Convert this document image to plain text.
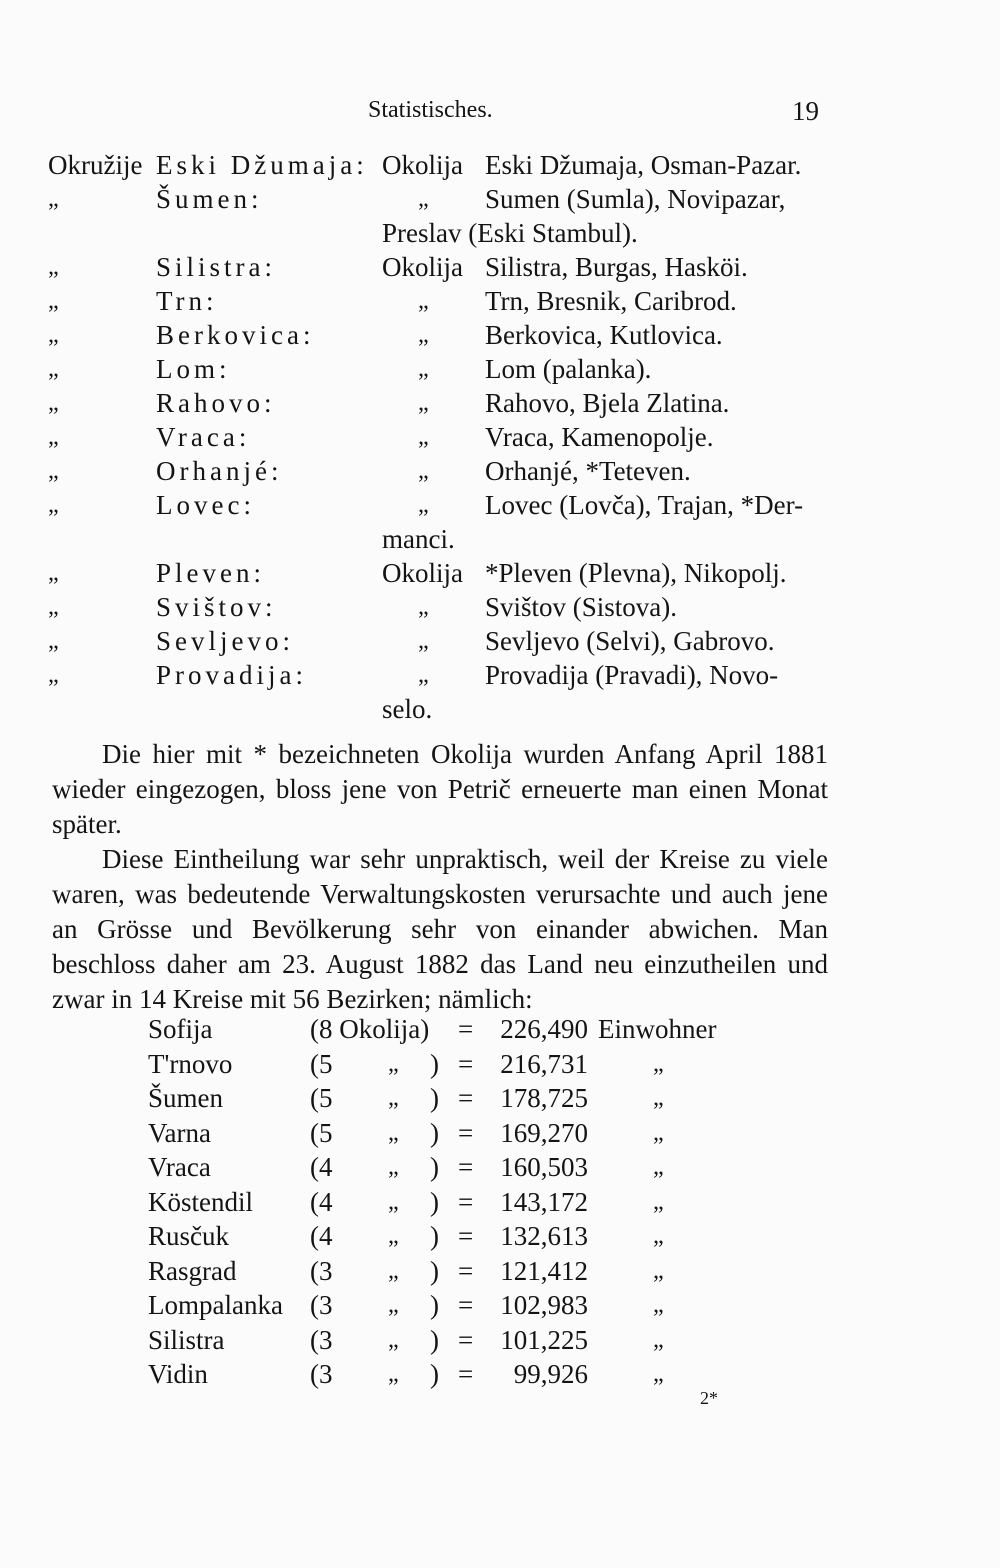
Statistisches.	19
Okružije Eski Džumaja: Okolija Eski Džumaja, Osman-Pazar.
„	Šumen:	„ Sumen (Sumla), Novipazar,
Preslav (Eski Stambul).
„	Silistra:	Okolija Silistra, Burgas, Hasköi.
„	Trn:	„ Trn, Bresnik, Caribrod.
„	Berkovica:	„ Berkovica, Kutlovica.
„	Lom:	„ Lom (palanka).
„	Rahovo:	„ Rahovo, Bjela Zlatina.
„	Vraca:	„ Vraca, Kamenopolje.
„	Orhanjé:	„ Orhanjé, *Teteven.
„	Lovec:	„ Lovec (Lovča), Trajan, *Der-
manci.
„	Pleven:	Okolija *Pleven (Plevna), Nikopolj.
„	Svištov:	„ Svištov (Sistova).
„	Sevljevo:	„ Sevljevo (Selvi), Gabrovo.
„	Provadija:	„ Provadija (Pravadi), Novo-
selo.
Die hier mit * bezeichneten Okolija wurden Anfang April 1881 wieder eingezogen, bloss jene von Petrič erneuerte man einen Monat später.
Diese Eintheilung war sehr unpraktisch, weil der Kreise zu viele waren, was bedeutende Verwaltungskosten verursachte und auch jene an Grösse und Bevölkerung sehr von einander abwichen. Man beschloss daher am 23. August 1882 das Land neu einzutheilen und zwar in 14 Kreise mit 56 Bezirken; nämlich:
Sofija	(8 Okolija) =	226,490 Einwohner
T'rnovo	(5 „ ) =	216,731	„
Šumen	(5 „ ) =	178,725	„
Varna	(5 „ ) =	169,270	„
Vraca	(4 „ ) =	160,503	„
Köstendil (4 „ ) =	143,172	„
Rusčuk	(4 „ ) =	132,613	„
Rasgrad	(3 „ ) =	121,412	„
Lompalanka (3 „ ) =	102,983	„
Silistra	(3 „ ) =	101,225	„
Vidin	(3 „ ) =	99,926	„
2*
